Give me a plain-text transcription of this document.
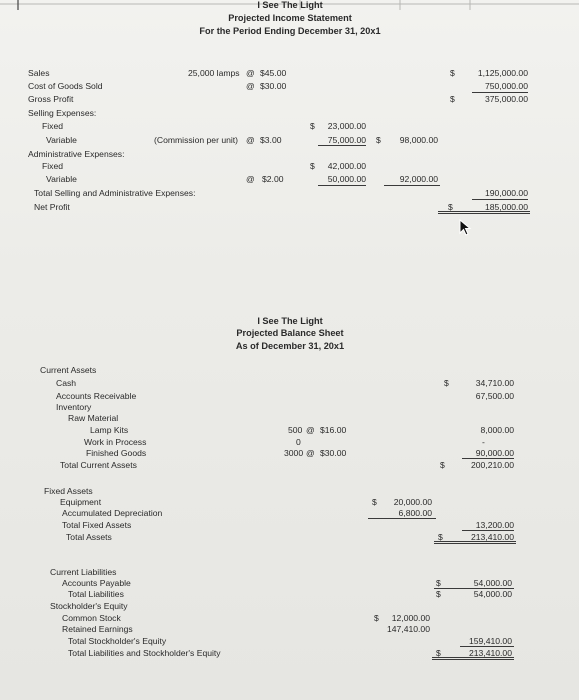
I See The Light
Projected Income Statement
For the Period Ending December 31, 20x1
Sales	25,000 lamps @ $45.00	$	1,125,000.00
Cost of Goods Sold	@ $30.00	750,000.00
Gross Profit	$	375,000.00
Selling Expenses:
Fixed	$	23,000.00
Variable	(Commission per unit) @ $3.00	75,000.00 $	98,000.00
Administrative Expenses:
Fixed	$	42,000.00
Variable	@ $2.00	50,000.00	92,000.00
Total Selling and Administrative Expenses:	190,000.00
Net Profit	$	185,000.00
I See The Light
Projected Balance Sheet
As of December 31, 20x1
Current Assets
Cash	$	34,710.00
Accounts Receivable	67,500.00
Inventory
Raw Material
Lamp Kits	500 @ $16.00	8,000.00
Work in Process	0	-
Finished Goods	3000 @ $30.00	90,000.00
Total Current Assets	$	200,210.00
Fixed Assets
Equipment	$	20,000.00
Accumulated Depreciation	6,800.00
Total Fixed Assets	13,200.00
Total Assets	$	213,410.00
Current Liabilities
Accounts Payable	$	54,000.00
Total Liabilities	$	54,000.00
Stockholder's Equity
Common Stock	$	12,000.00
Retained Earnings	147,410.00
Total Stockholder's Equity	159,410.00
Total Liabilities and Stockholder's Equity	$	213,410.00
